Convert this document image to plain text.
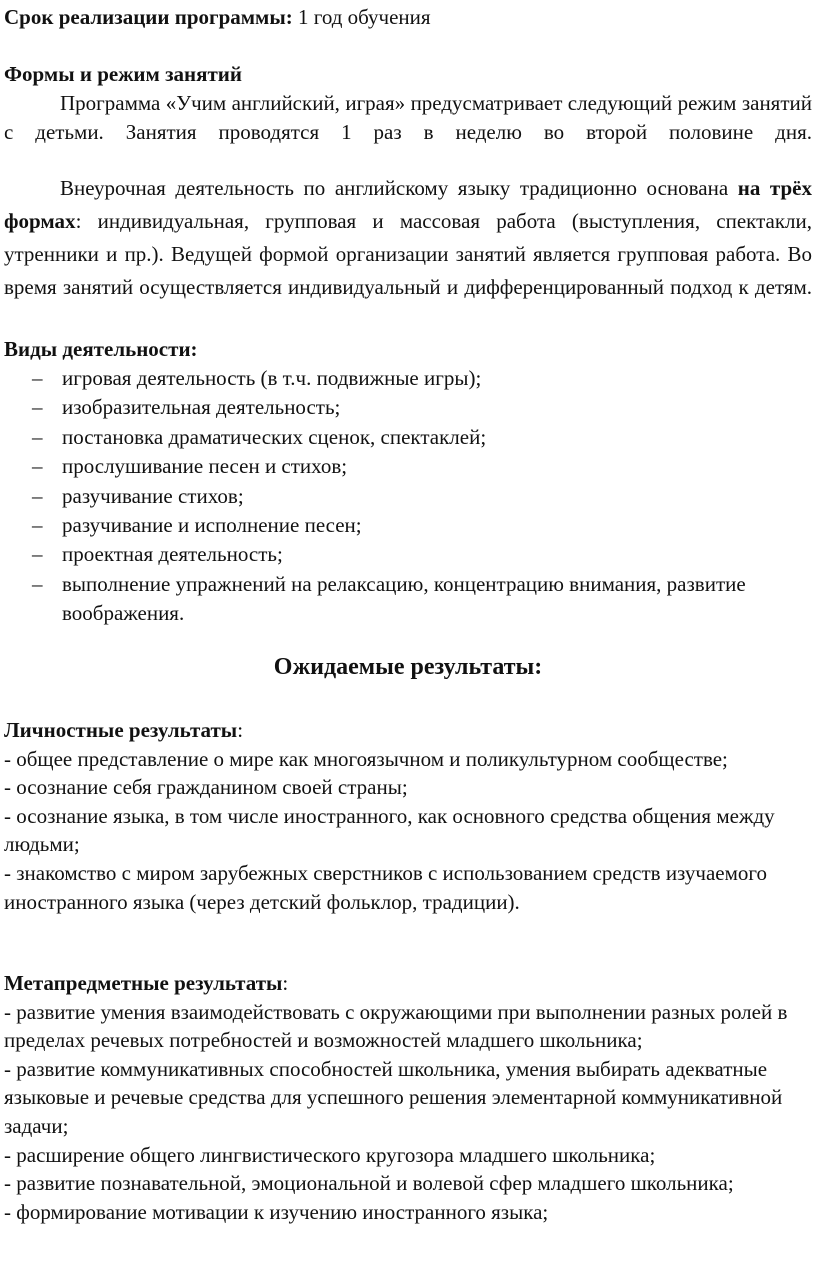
Срок реализации программы: 1 год обучения

Формы и режим занятий

Программа «Учим английский, играя» предусматривает следующий режим занятий с детьми. Занятия проводятся 1 раз в неделю во второй половине дня.

Внеурочная деятельность по английскому языку традиционно основана на трёх формах: индивидуальная, групповая и массовая работа (выступления, спектакли, утренники и пр.). Ведущей формой организации занятий является групповая работа. Во время занятий осуществляется индивидуальный и дифференцированный подход к детям.

Виды деятельности:

– игровая деятельность (в т.ч. подвижные игры);
– изобразительная деятельность;
– постановка драматических сценок, спектаклей;
– прослушивание песен и стихов;
– разучивание стихов;
– разучивание и исполнение песен;
– проектная деятельность;
– выполнение упражнений на релаксацию, концентрацию внимания, развитие воображения.

Ожидаемые результаты:

Личностные результаты:

- общее представление о мире как многоязычном и поликультурном сообществе;

- осознание себя гражданином своей страны;

- осознание языка, в том числе иностранного, как основного средства общения между людьми;

- знакомство с миром зарубежных сверстников с использованием средств изучаемого иностранного языка (через детский фольклор, традиции).

Метапредметные результаты:

- развитие умения взаимодействовать с окружающими при выполнении разных ролей в пределах речевых потребностей и возможностей младшего школьника;

- развитие коммуникативных способностей школьника, умения выбирать адекватные языковые и речевые средства для успешного решения элементарной коммуникативной задачи;

- расширение общего лингвистического кругозора младшего школьника;

- развитие познавательной, эмоциональной и волевой сфер младшего школьника;

- формирование мотивации к изучению иностранного языка;
